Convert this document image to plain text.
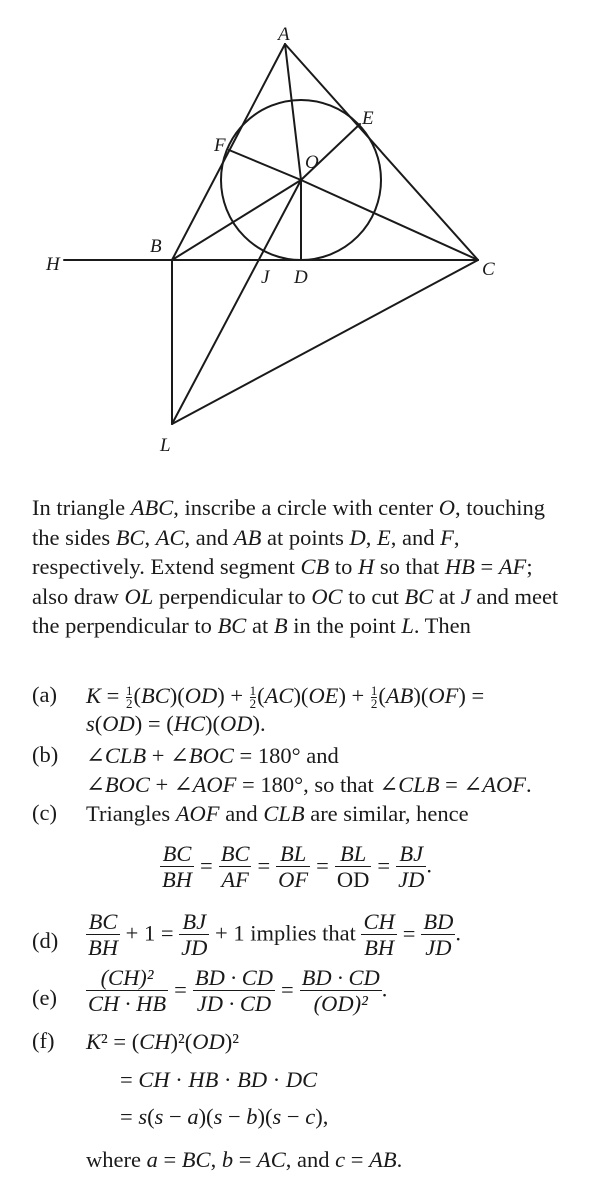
A
E
F
O
B
H
J D	C
L
In triangle ABC, inscribe a circle with center O, touching the sides BC, AC, and AB at points D, E, and F, respectively. Extend segment CB to H so that HB = AF; also draw OL perpendicular to OC to cut BC at J and meet the perpendicular to BC at B in the point L. Then
(a) $K = \frac{1}{2}(BC)(OD) + \frac{1}{2}(AC)(OE) + \frac{1}{2}(AB)(OF)$ =
s(OD) = (HC)(OD).
(b) ∠CLB + ∠BOC = 180° and
∠BOC + ∠AOF = 180°, so that ∠CLB = ∠AOF.
(c) Triangles AOF and CLB are similar, hence
$\frac{BC}{BH} = \frac{BC}{AF} = \frac{BL}{OF} = \frac{BL}{OD} = \frac{BJ}{JD}$ .
$(d) \frac{BC}{BH} + 1 = \frac{BJ}{JD} + 1$ implies that $\frac{CH}{BH} = \frac{BD}{JD}$ .
$(e) \frac{\text{(CH)²}}{CH \cdot HB} = \frac{BD \cdot CD}{JD \cdot CD} = \frac{BD \cdot CD}{\text{(OD)²}}$ .
(f) K² = (CH)²(OD)²
= CH · HB · BD · DC
= s(s − a)(s − b)(s − c),
where a = BC, b = AC, and c = AB.
